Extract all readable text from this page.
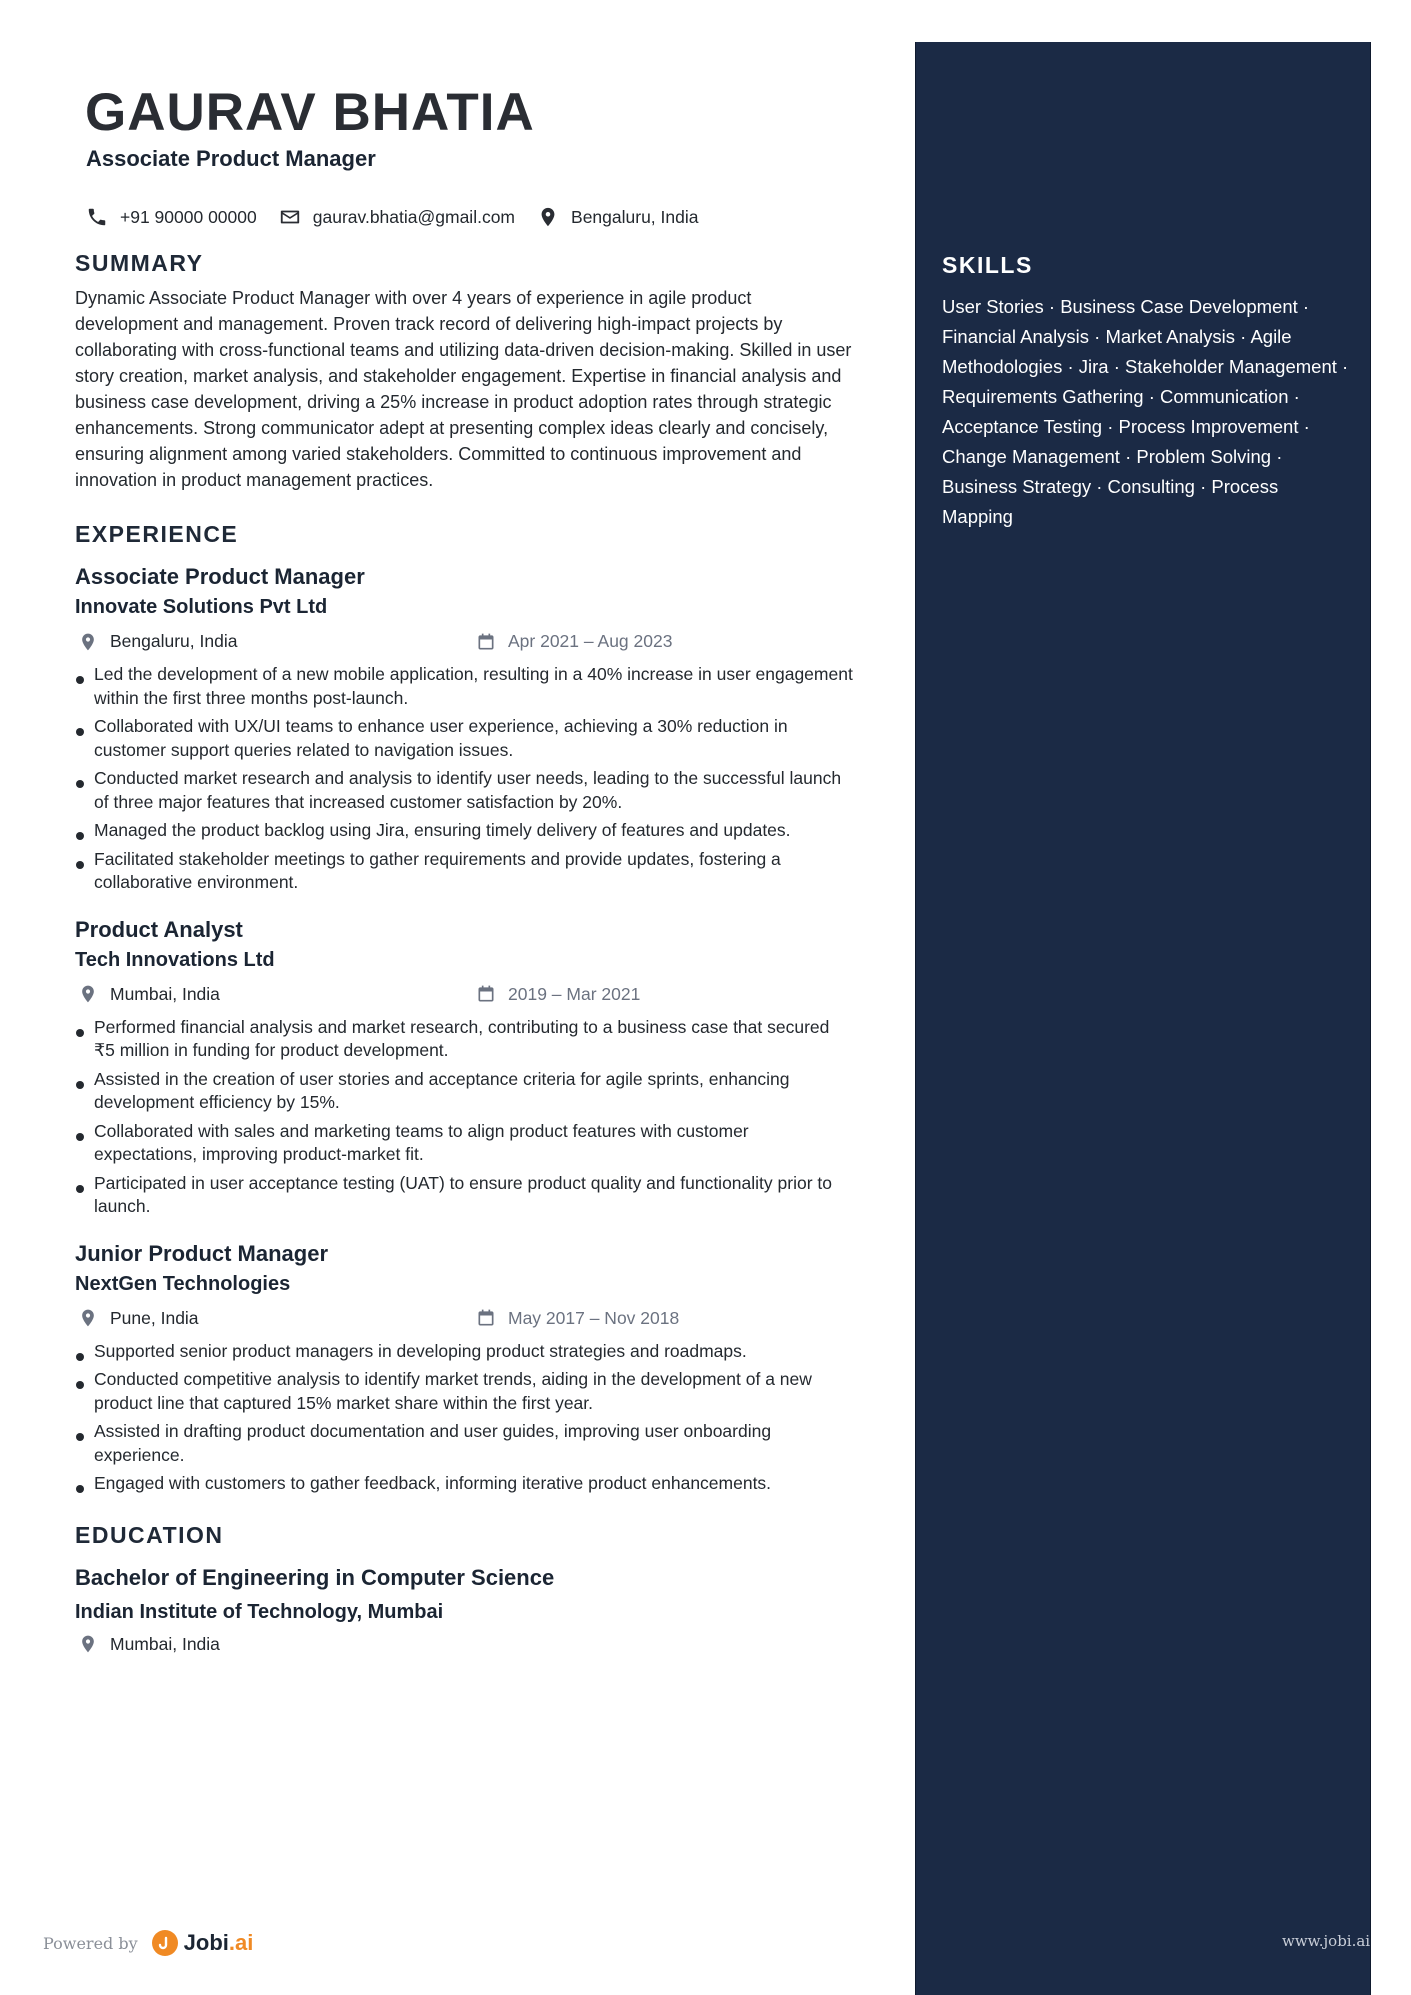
SKILLS

User Stories · Business Case Development · Financial Analysis · Market Analysis · Agile Methodologies · Jira · Stakeholder Management · Requirements Gathering · Communication · Acceptance Testing · Process Improvement · Change Management · Problem Solving · Business Strategy · Consulting · Process Mapping

GAURAV BHATIA
Associate Product Manager
+91 90000 00000	gaurav.bhatia@gmail.com	Bengaluru, India
SUMMARY

Dynamic Associate Product Manager with over 4 years of experience in agile product development and management. Proven track record of delivering high-impact projects by collaborating with cross-functional teams and utilizing data-driven decision-making. Skilled in user story creation, market analysis, and stakeholder engagement. Expertise in financial analysis and business case development, driving a 25% increase in product adoption rates through strategic enhancements. Strong communicator adept at presenting complex ideas clearly and concisely, ensuring alignment among varied stakeholders. Committed to continuous improvement and innovation in product management practices.

EXPERIENCE
Associate Product Manager
Innovate Solutions Pvt Ltd
Bengaluru, India	Apr 2021 – Aug 2023
Led the development of a new mobile application, resulting in a 40% increase in user engagement within the first three months post-launch.
Collaborated with UX/UI teams to enhance user experience, achieving a 30% reduction in customer support queries related to navigation issues.
Conducted market research and analysis to identify user needs, leading to the successful launch of three major features that increased customer satisfaction by 20%.
Managed the product backlog using Jira, ensuring timely delivery of features and updates.
Facilitated stakeholder meetings to gather requirements and provide updates, fostering a collaborative environment.
Product Analyst
Tech Innovations Ltd
Mumbai, India	2019 – Mar 2021
Performed financial analysis and market research, contributing to a business case that secured ₹5 million in funding for product development.
Assisted in the creation of user stories and acceptance criteria for agile sprints, enhancing development efficiency by 15%.
Collaborated with sales and marketing teams to align product features with customer expectations, improving product-market fit.
Participated in user acceptance testing (UAT) to ensure product quality and functionality prior to launch.
Junior Product Manager
NextGen Technologies
Pune, India	May 2017 – Nov 2018
Supported senior product managers in developing product strategies and roadmaps.
Conducted competitive analysis to identify market trends, aiding in the development of a new product line that captured 15% market share within the first year.
Assisted in drafting product documentation and user guides, improving user onboarding experience.
Engaged with customers to gather feedback, informing iterative product enhancements.
EDUCATION
Bachelor of Engineering in Computer Science
Indian Institute of Technology, Mumbai
Mumbai, India
Powered by Jobi.ai	www.jobi.ai
